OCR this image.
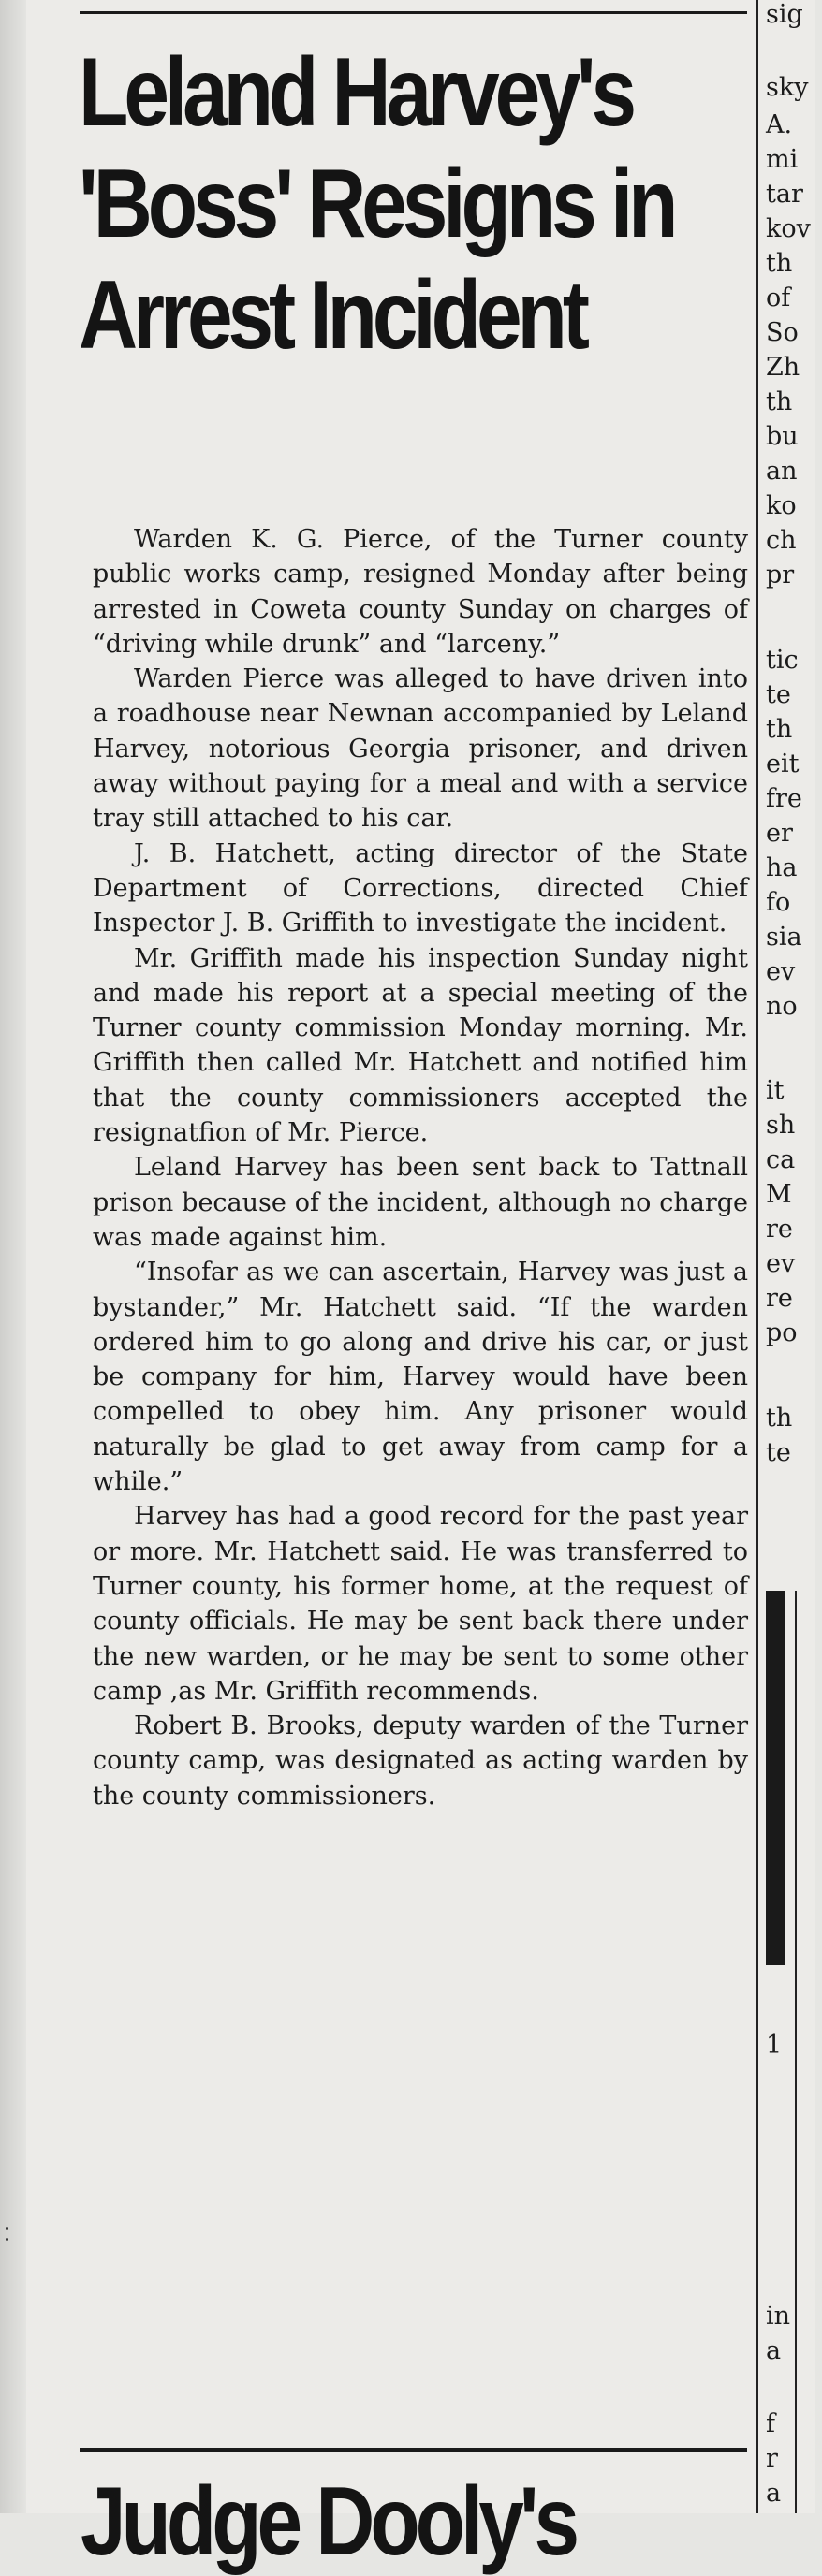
Leland Harvey's
'Boss' Resigns in
Arrest Incident

Warden K. G. Pierce, of the Turner county public works camp, resigned Monday after being arrested in Coweta county Sunday on charges of “driving while drunk” and “larceny.”

Warden Pierce was alleged to have driven into a roadhouse near Newnan accompanied by Leland Harvey, notorious Georgia prisoner, and driven away without paying for a meal and with a service tray still attached to his car.

J. B. Hatchett, acting director of the State Department of Corrections, directed Chief Inspector J. B. Griffith to investigate the incident.

Mr. Griffith made his inspection Sunday night and made his report at a special meeting of the Turner county commission Monday morning. Mr. Griffith then called Mr. Hatchett and notified him that the county commissioners accepted the resignatfion of Mr. Pierce.

Leland Harvey has been sent back to Tattnall prison because of the incident, although no charge was made against him.

“Insofar as we can ascertain, Harvey was just a bystander,” Mr. Hatchett said. “If the warden ordered him to go along and drive his car, or just be company for him, Harvey would have been compelled to obey him. Any prisoner would naturally be glad to get away from camp for a while.”

Harvey has had a good record for the past year or more. Mr. Hatchett said. He was transferred to Turner county, his former home, at the request of county officials. He may be sent back there under the new warden, or he may be sent to some other camp ,as Mr. Griffith recommends.

Robert B. Brooks, deputy warden of the Turner county camp, was designated as acting warden by the county commissioners.

Judge Dooly's
sig
sky
A.
mi
tar
kov
th
of
So
Zh
th
bu
an
ko
ch
pr
tic
te
th
eit
fre
er
ha
fo
sia
ev
no
it
sh
ca
M
re
ev
re
po
th
te
1
in
a
f
r
a
